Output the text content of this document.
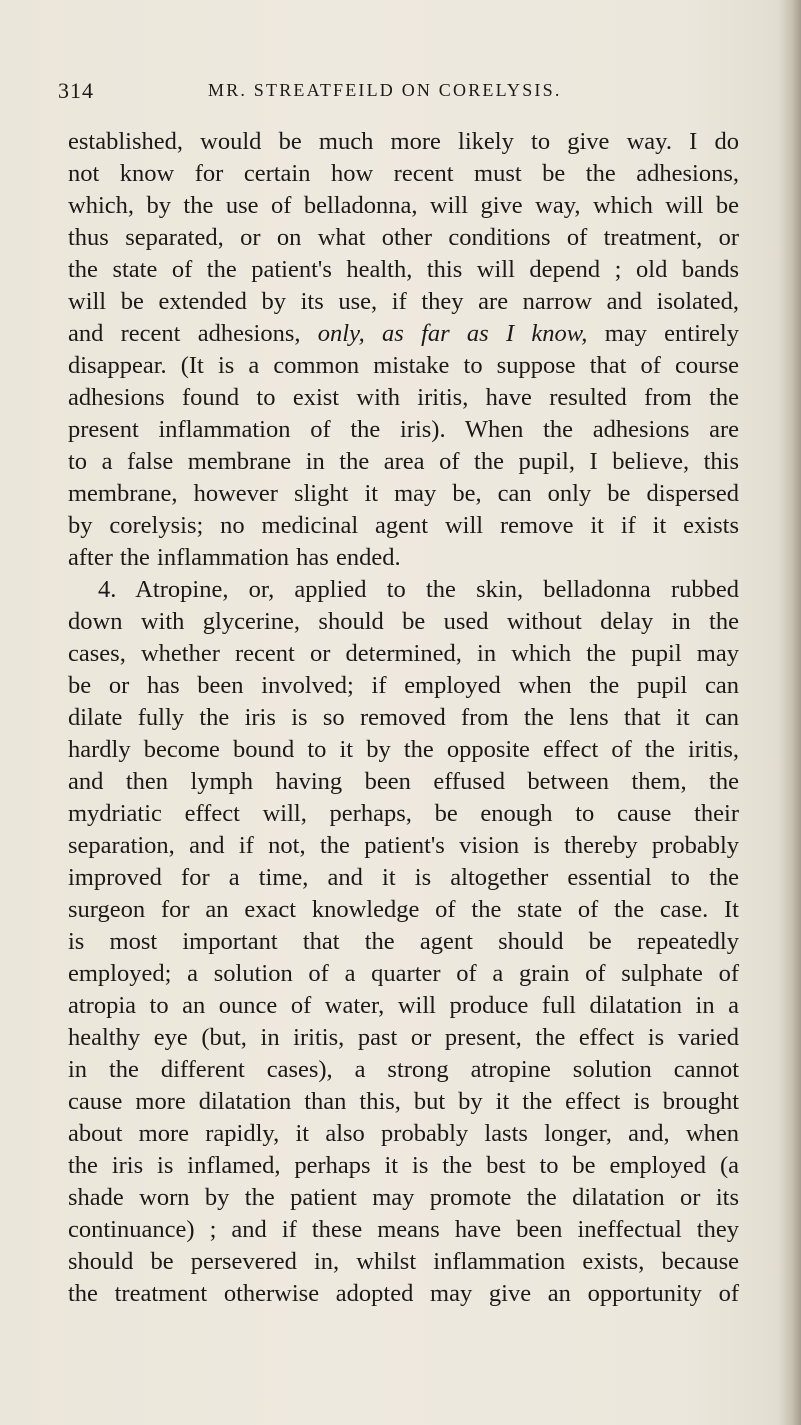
314	MR. STREATFEILD ON CORELYSIS.
established, would be much more likely to give way. I do
not know for certain how recent must be the adhesions,
which, by the use of belladonna, will give way, which will be
thus separated, or on what other conditions of treatment, or
the state of the patient's health, this will depend ; old bands
will be extended by its use, if they are narrow and isolated,
and recent adhesions, only, as far as I know, may entirely
disappear. (It is a common mistake to suppose that of course
adhesions found to exist with iritis, have resulted from the
present inflammation of the iris). When the adhesions are
to a false membrane in the area of the pupil, I believe, this
membrane, however slight it may be, can only be dispersed
by corelysis; no medicinal agent will remove it if it exists
after the inflammation has ended.
4. Atropine, or, applied to the skin, belladonna rubbed
down with glycerine, should be used without delay in the
cases, whether recent or determined, in which the pupil may
be or has been involved; if employed when the pupil can
dilate fully the iris is so removed from the lens that it can
hardly become bound to it by the opposite effect of the iritis,
and then lymph having been effused between them, the
mydriatic effect will, perhaps, be enough to cause their
separation, and if not, the patient's vision is thereby probably
improved for a time, and it is altogether essential to the
surgeon for an exact knowledge of the state of the case. It
is most important that the agent should be repeatedly
employed; a solution of a quarter of a grain of sulphate of
atropia to an ounce of water, will produce full dilatation in a
healthy eye (but, in iritis, past or present, the effect is varied
in the different cases), a strong atropine solution cannot
cause more dilatation than this, but by it the effect is brought
about more rapidly, it also probably lasts longer, and, when
the iris is inflamed, perhaps it is the best to be employed (a
shade worn by the patient may promote the dilatation or its
continuance) ; and if these means have been ineffectual they
should be persevered in, whilst inflammation exists, because
the treatment otherwise adopted may give an opportunity of
